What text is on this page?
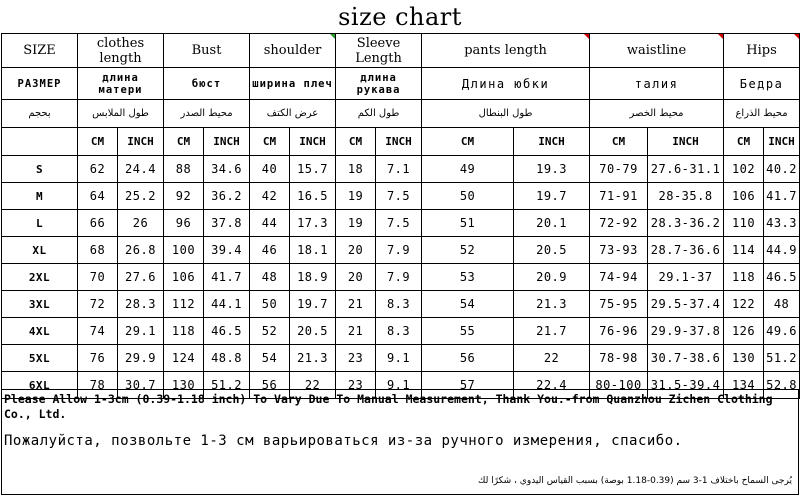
size chart
SIZE	clothes length		Bust		shoulder		Sleeve Length		pants length		waistline		Hips	
РАЗМЕР	длина матери		бюст		ширина плеч		длина рукава		Длина юбки		талия		Бедра	
بحجم	طول الملابس		محيط الصدر		عرض الكتف		طول الكم		طول البنطال		محيط الخصر		محيط الذراع	
	CM	INCH	CM	INCH	CM	INCH	CM	INCH	CM	INCH	CM	INCH	CM	INCH
S	62	24.4	88	34.6	40	15.7	18	7.1	49	19.3	70-79	27.6-31.1	102	40.2
M	64	25.2	92	36.2	42	16.5	19	7.5	50	19.7	71-91	28-35.8	106	41.7
L	66	26	96	37.8	44	17.3	19	7.5	51	20.1	72-92	28.3-36.2	110	43.3
XL	68	26.8	100	39.4	46	18.1	20	7.9	52	20.5	73-93	28.7-36.6	114	44.9
2XL	70	27.6	106	41.7	48	18.9	20	7.9	53	20.9	74-94	29.1-37	118	46.5
3XL	72	28.3	112	44.1	50	19.7	21	8.3	54	21.3	75-95	29.5-37.4	122	48
4XL	74	29.1	118	46.5	52	20.5	21	8.3	55	21.7	76-96	29.9-37.8	126	49.6
5XL	76	29.9	124	48.8	54	21.3	23	9.1	56	22	78-98	30.7-38.6	130	51.2
6XL	78	30.7	130	51.2	56	22	23	9.1	57	22.4	80-100	31.5-39.4	134	52.8
Please Allow 1-3cm (0.39-1.18 inch) To Vary Due To Manual Measurement, Thank You.-from Quanzhou Zichen Clothing Co., Ltd.
Пожалуйста, позвольте 1-3 см варьироваться из-за ручного измерения, спасибо.
يُرجى السماح باختلاف 1-3 سم (0.39-1.18 بوصة) بسبب القياس اليدوي ، شكرًا لك
